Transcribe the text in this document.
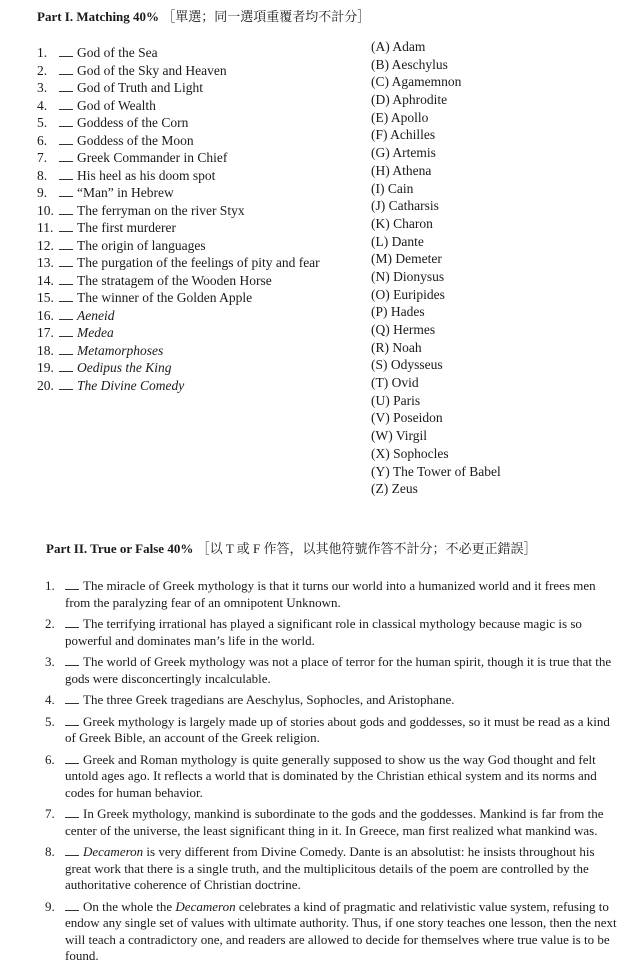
Part I. Matching 40% ［單選；同一選項重覆者均不計分］
1. God of the Sea
2. God of the Sky and Heaven
3. God of Truth and Light
4. God of Wealth
5. Goddess of the Corn
6. Goddess of the Moon
7. Greek Commander in Chief
8. His heel as his doom spot
9. “Man” in Hebrew
10. The ferryman on the river Styx
11. The first murderer
12. The origin of languages
13. The purgation of the feelings of pity and fear
14. The stratagem of the Wooden Horse
15. The winner of the Golden Apple
16. Aeneid
17. Medea
18. Metamorphoses
19. Oedipus the King
20. The Divine Comedy
(A) Adam
(B) Aeschylus
(C) Agamemnon
(D) Aphrodite
(E) Apollo
(F) Achilles
(G) Artemis
(H) Athena
(I) Cain
(J) Catharsis
(K) Charon
(L) Dante
(M) Demeter
(N) Dionysus
(O) Euripides
(P) Hades
(Q) Hermes
(R) Noah
(S) Odysseus
(T) Ovid
(U) Paris
(V) Poseidon
(W) Virgil
(X) Sophocles
(Y) The Tower of Babel
(Z) Zeus
Part II. True or False 40% ［以 T 或 F 作答，以其他符號作答不計分；不必更正錯誤］
1. The miracle of Greek mythology is that it turns our world into a humanized world and it frees men from the paralyzing fear of an omnipotent Unknown.
2. The terrifying irrational has played a significant role in classical mythology because magic is so powerful and dominates man’s life in the world.
3. The world of Greek mythology was not a place of terror for the human spirit, though it is true that the gods were disconcertingly incalculable.
4. The three Greek tragedians are Aeschylus, Sophocles, and Aristophane.
5. Greek mythology is largely made up of stories about gods and goddesses, so it must be read as a kind of Greek Bible, an account of the Greek religion.
6. Greek and Roman mythology is quite generally supposed to show us the way God thought and felt untold ages ago. It reflects a world that is dominated by the Christian ethical system and its norms and codes for human behavior.
7. In Greek mythology, mankind is subordinate to the gods and the goddesses. Mankind is far from the center of the universe, the least significant thing in it. In Greece, man first realized what mankind was.
8. Decameron is very different from Divine Comedy. Dante is an absolutist: he insists throughout his great work that there is a single truth, and the multiplicitous details of the poem are controlled by the authoritative coherence of Christian doctrine.
9. On the whole the Decameron celebrates a kind of pragmatic and relativistic value system, refusing to endow any single set of values with ultimate authority. Thus, if one story teaches one lesson, then the next will teach a contradictory one, and readers are allowed to decide for themselves where true value is to be found.
